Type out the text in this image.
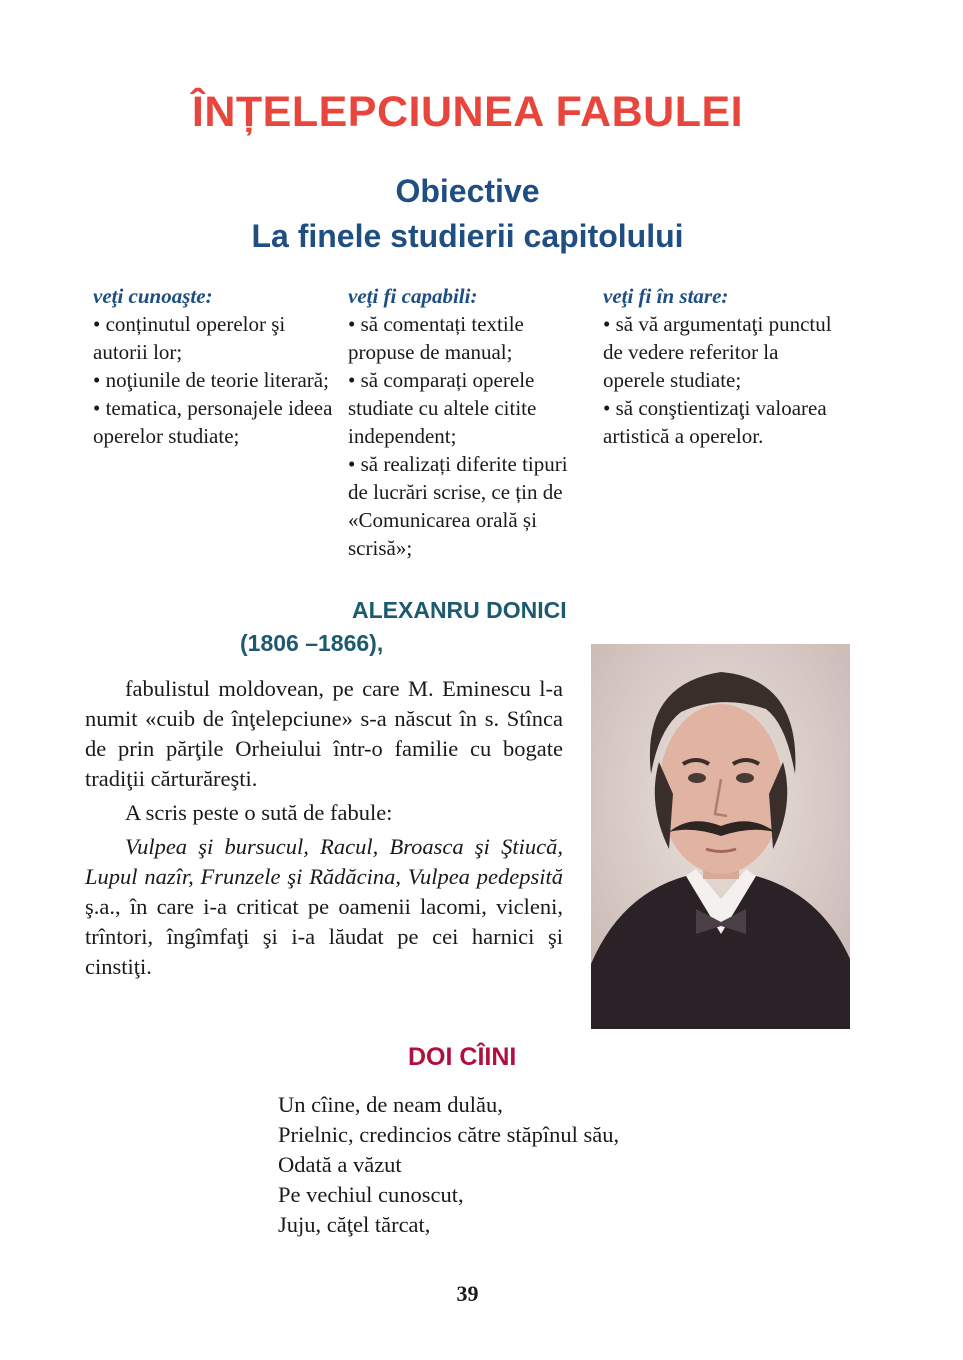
ÎNȚELEPCIUNEA FABULEI
Obiective
La finele studierii capitolului
veţi cunoaşte:

• conținutul operelor şi autorii lor;

• noţiunile de teorie literară;

• tematica, personajele ideea operelor studiate;

veţi fi capabili:

• să comentați textile propuse de manual;

• să comparați operele studiate cu altele citite independent;

• să realizați diferite tipuri de lucrări scrise, ce țin de «Comunicarea orală și scrisă»;

veţi fi în stare:

• să vă argumentaţi punctul de vedere referitor la operele studiate;

• să conştientizaţi valoarea artistică a operelor.

ALEXANRU DONICI
(1806 –1866),

fabulistul moldovean, pe care M. Eminescu l-a numit «cuib de înţelepciune» s-a născut în s. Stînca de prin părţile Orheiului într-o familie cu bogate tradiţii cărturăreşti.

A scris peste o sută de fabule:

Vulpea şi bursucul, Racul, Broasca şi Ştiucă, Lupul nazîr, Frunzele şi Rădăcina, Vulpea pedepsită ş.a., în care i-a criticat pe oamenii lacomi, vicleni, trîntori, îngîmfaţi şi i-a lăudat pe cei harnici şi cinstiţi.

DOI CÎINI
Un cîine, de neam dulău,
Prielnic, credincios către stăpînul său,
Odată a văzut
Pe vechiul cunoscut,
Juju, căţel tărcat,
39
